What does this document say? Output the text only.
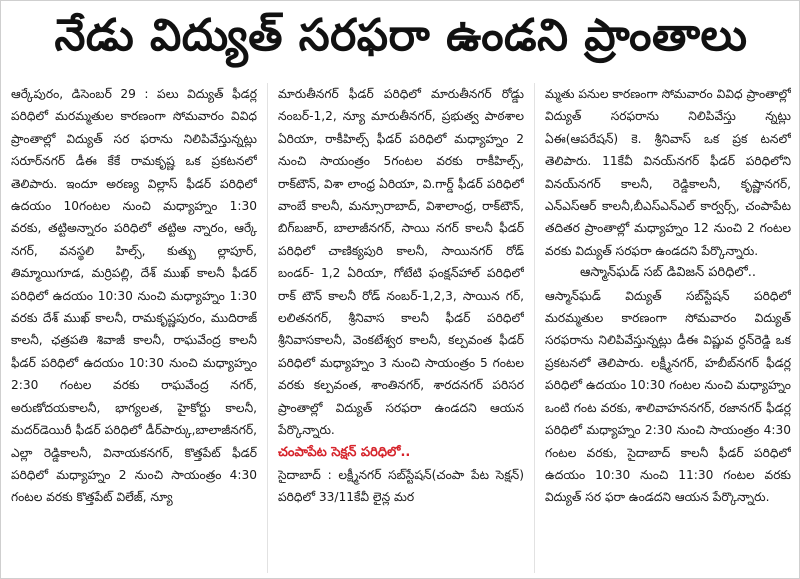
నేడు విద్యుత్‌ సరఫరా ఉండని ప్రాంతాలు

ఆర్కేపురం, డిసెంబర్‌ 29 : పలు విద్యుత్‌ ఫీడర్ల పరిధిలో మరమ్మతుల కారణంగా సోమవారం వివిధ ప్రాంతాల్లో విద్యుత్‌ సర ఫరాను నిలిపివేస్తున్నట్లు సరూర్‌నగర్‌ డీఈ కేకే రామకృష్ణ ఒక ప్రకటనలో తెలిపారు. ఇందూ అరణ్య విల్లాస్‌ ఫీడర్‌ పరిధిలో ఉదయం 10గంటల నుంచి మధ్యాహ్నం 1:30 వరకు, తట్టిఅన్నారం పరిధిలో తట్టిఅ న్నారం, ఆర్కే నగర్‌, వనస్థలి హిల్స్‌, కుత్బు ల్లాపూర్‌, తిమ్మాయిగూడ, మర్రిపల్లి, దేశ్‌ ముఖ్‌ కాలనీ ఫీడర్‌ పరిధిలో ఉదయం 10:30 నుంచి మధ్యాహ్నం 1:30 వరకు దేశ్‌ ముఖ్‌ కాలనీ, రామకృష్ణపురం, ముదిరాజ్‌ కాలనీ, ఛత్రపతి శివాజీ కాలనీ, రాఘవేంద్ర కాలనీ ఫీడర్‌ పరిధిలో ఉదయం 10:30 నుంచి మధ్యాహ్నం 2:30 గంటల వరకు రాఘవేంద్ర నగర్‌, అరుణోదయకాలనీ, భాగ్యలత, హైకోర్టు కాలనీ, మదర్‌డెయిరీ ఫీడర్‌ పరిధిలో డీర్‌పార్కు,బాలాజీనగర్‌, ఎల్లా రెడ్డికాలనీ, వినాయకనగర్‌, కొత్తపేట్‌ ఫీడర్‌ పరిధిలో మధ్యాహ్నం 2 నుంచి సాయంత్రం 4:30 గంటల వరకు కొత్తపేట్‌ విలేజ్‌, న్యూ

మారుతీనగర్‌ ఫీడర్‌ పరిధిలో మారుతీనగర్‌ రోడ్డు నంబర్‌-1,2, న్యూ మారుతీనగర్‌, ప్రభుత్వ పాఠశాల ఏరియా, రాకీహిల్స్‌ ఫీడర్‌ పరిధిలో మధ్యాహ్నం 2 నుంచి సాయంత్రం 5గంటల వరకు రాకీహిల్స్‌, రాక్‌టౌన్‌, విశా లాంధ్ర ఏరియా, వి.గార్డ్‌ ఫీడర్‌ పరిధిలో వాంబే కాలనీ, మన్సూరాబాద్‌, విశాలాంధ్ర, రాక్‌టౌన్‌, బిగ్‌బజార్‌, బాలాజీనగర్‌, సాయి నగర్‌ కాలనీ ఫీడర్‌ పరిధిలో చాణిక్యపురి కాలనీ, సాయినగర్‌ రోడ్‌ బండర్‌- 1,2 ఏరియా, గోటేటి ఫంక్షన్‌హాల్‌ పరిధిలో రాక్‌ టౌన్‌ కాలనీ రోడ్‌ నంబర్‌-1,2,3, సాయిన గర్‌, లలితనగర్‌, శ్రీనివాస కాలనీ ఫీడర్‌ పరిధిలో శ్రీనివాసకాలనీ, వెంకటేశ్వర కాలనీ, కల్పవంత ఫీడర్‌ పరిధిలో మధ్యాహ్నం 3 నుంచి సాయంత్రం 5 గంటల వరకు కల్పవంత, శాంతినగర్‌, శారదనగర్‌ పరిసర ప్రాంతాల్లో విద్యుత్‌ సరఫరా ఉండదని ఆయన పేర్కొన్నారు.

చంపాపేట సెక్షన్‌ పరిధిలో..

సైదాబాద్‌ : లక్ష్మీనగర్‌ సబ్‌స్టేషన్‌(చంపా పేట సెక్షన్‌) పరిధిలో 33/11కేవీ లైన్ల మర

మ్మతు పనుల కారణంగా సోమవారం వివిధ ప్రాంతాల్లో విద్యుత్‌ సరఫరాను నిలిపివేస్తు న్నట్లు ఏఈ(ఆపరేషన్‌) కె. శ్రీనివాస్‌ ఒక ప్రక టనలో తెలిపారు. 11కేవీ వినయ్‌నగర్‌ ఫీడర్‌ పరిధిలోని వినయ్‌నగర్‌ కాలనీ, రెడ్డికాలనీ, కృష్ణానగర్‌, ఎన్‌ఎస్‌ఆర్‌ కాలనీ,బీఎస్‌ఎన్‌ఎల్‌ కార్వర్స్‌, చంపాపేట తదితర ప్రాంతాల్లో మధ్యాహ్నం 12 నుంచి 2 గంటల వరకు విద్యుత్‌ సరఫరా ఉండదని పేర్కొన్నారు.

ఆస్మాన్‌ఘడ్‌ సబ్‌ డివిజన్‌ పరిధిలో..

ఆస్మాన్‌ఘడ్‌ విద్యుత్‌ సబ్‌స్టేషన్‌ పరిధిలో మరమ్మతుల కారణంగా సోమవారం విద్యుత్‌ సరఫరాను నిలిపివేస్తున్నట్లు డీఈ విష్ణువ ర్ధన్‌రెడ్డి ఒక ప్రకటనలో తెలిపారు. లక్ష్మీనగర్‌, హబీబ్‌నగర్‌ ఫీడర్ల పరిధిలో ఉదయం 10:30 గంటల నుంచి మధ్యాహ్నం ఒంటి గంట వరకు, శాలివాహననగర్‌, రజానగర్‌ ఫీడర్ల పరిధిలో మధ్యాహ్నం 2:30 నుంచి సాయంత్రం 4:30 గంటల వరకు, సైదాబాద్‌ కాలనీ ఫీడర్‌ పరిధిలో ఉదయం 10:30 నుంచి 11:30 గంటల వరకు విద్యుత్‌ సర ఫరా ఉండదని ఆయన పేర్కొన్నారు.
